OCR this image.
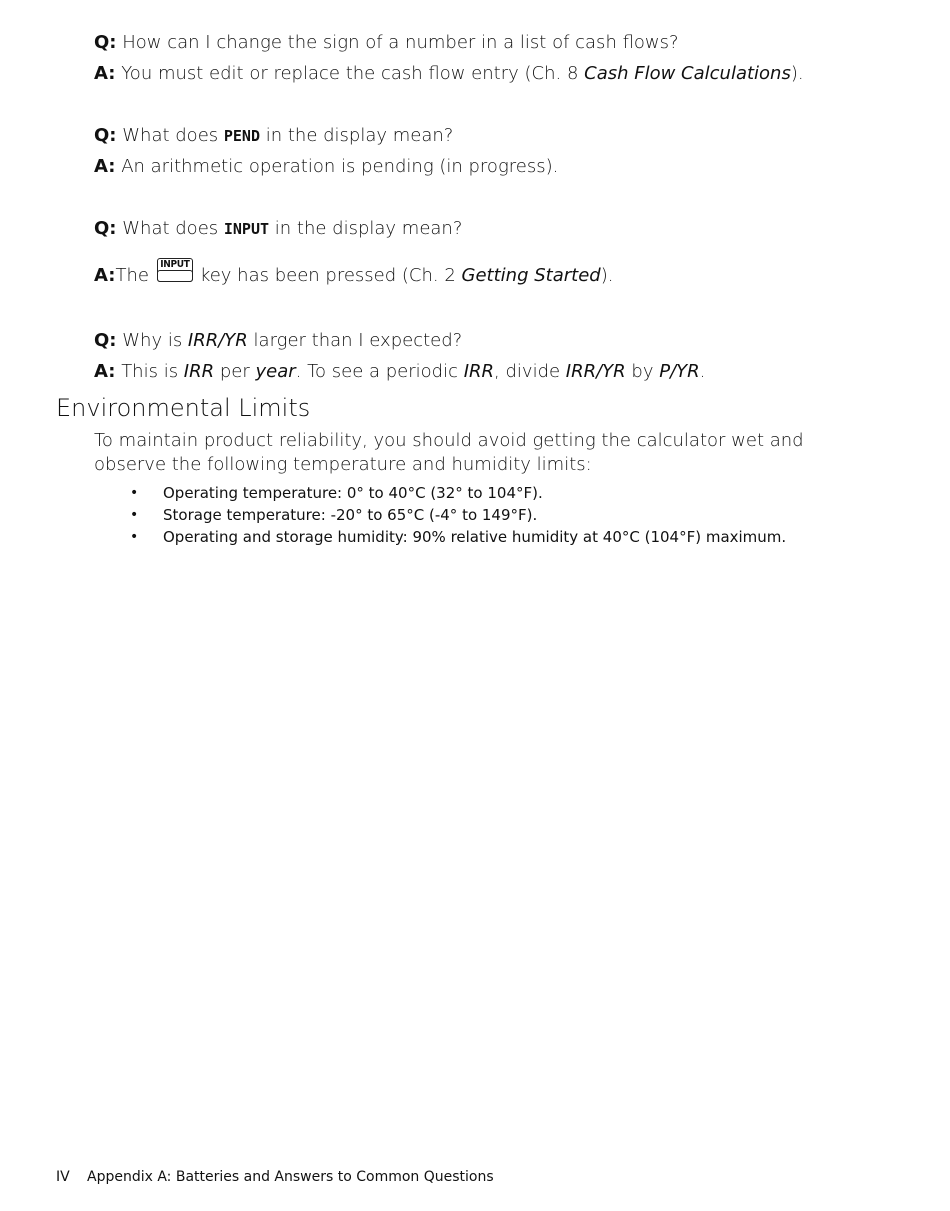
Q: How can I change the sign of a number in a list of cash flows?
A: You must edit or replace the cash flow entry (Ch. 8 Cash Flow Calculations).
Q: What does PEND in the display mean?
A: An arithmetic operation is pending (in progress).
Q: What does INPUT in the display mean?
A:The
INPUT
key has been pressed (Ch. 2 Getting Started).
Q: Why is IRR/YR larger than I expected?
A: This is IRR per year. To see a periodic IRR, divide IRR/YR by P/YR.
Environmental Limits
To maintain product reliability, you should avoid getting the calculator wet and observe the following temperature and humidity limits:
• Operating temperature: 0° to 40°C (32° to 104°F).
• Storage temperature: -20° to 65°C (-4° to 149°F).
• Operating and storage humidity: 90% relative humidity at 40°C (104°F) maximum.
IV Appendix A: Batteries and Answers to Common Questions
